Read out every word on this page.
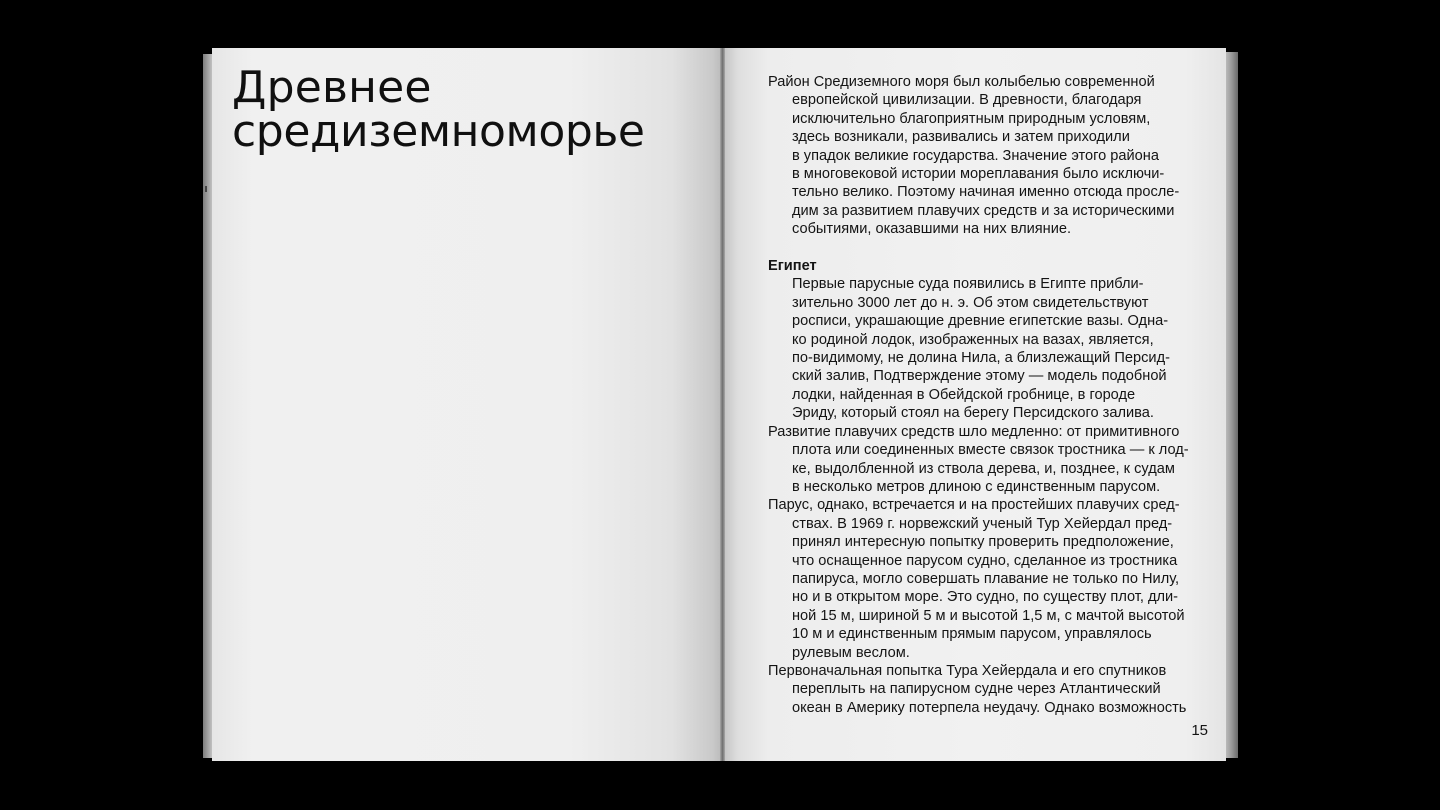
Древнее
средиземноморье

Район Средиземного моря был колыбелью современной
европейской цивилизации. В древности, благодаря
исключительно благоприятным природным условям,
здесь возникали, развивались и затем приходили
в упадок великие государства. Значение этого района
в многовековой истории мореплавания было исключи-
тельно велико. Поэтому начиная именно отсюда просле-
дим за развитием плавучих средств и за историческими
событиями, оказавшими на них влияние.

Египет

Первые парусные суда появились в Египте прибли-
зительно 3000 лет до н. э. Об этом свидетельствуют
росписи, украшающие древние египетские вазы. Одна-
ко родиной лодок, изображенных на вазах, является,
по-видимому, не долина Нила, а близлежащий Персид-
ский залив, Подтверждение этому — модель подобной
лодки, найденная в Обейдской гробнице, в городе
Эриду, который стоял на берегу Персидского залива.

Развитие плавучих средств шло медленно: от примитивного
плота или соединенных вместе связок тростника — к лод-
ке, выдолбленной из ствола дерева, и, позднее, к судам
в несколько метров длиною с единственным парусом.

Парус, однако, встречается и на простейших плавучих сред-
ствах. В 1969 г. норвежский ученый Тур Хейердал пред-
принял интересную попытку проверить предположение,
что оснащенное парусом судно, сделанное из тростника
папируса, могло совершать плавание не только по Нилу,
но и в открытом море. Это судно, по существу плот, дли-
ной 15 м, шириной 5 м и высотой 1,5 м, с мачтой высотой
10 м и единственным прямым парусом, управлялось
рулевым веслом.

Первоначальная попытка Тура Хейердала и его спутников
переплыть на папирусном судне через Атлантический
океан в Америку потерпела неудачу. Однако возможность

15
